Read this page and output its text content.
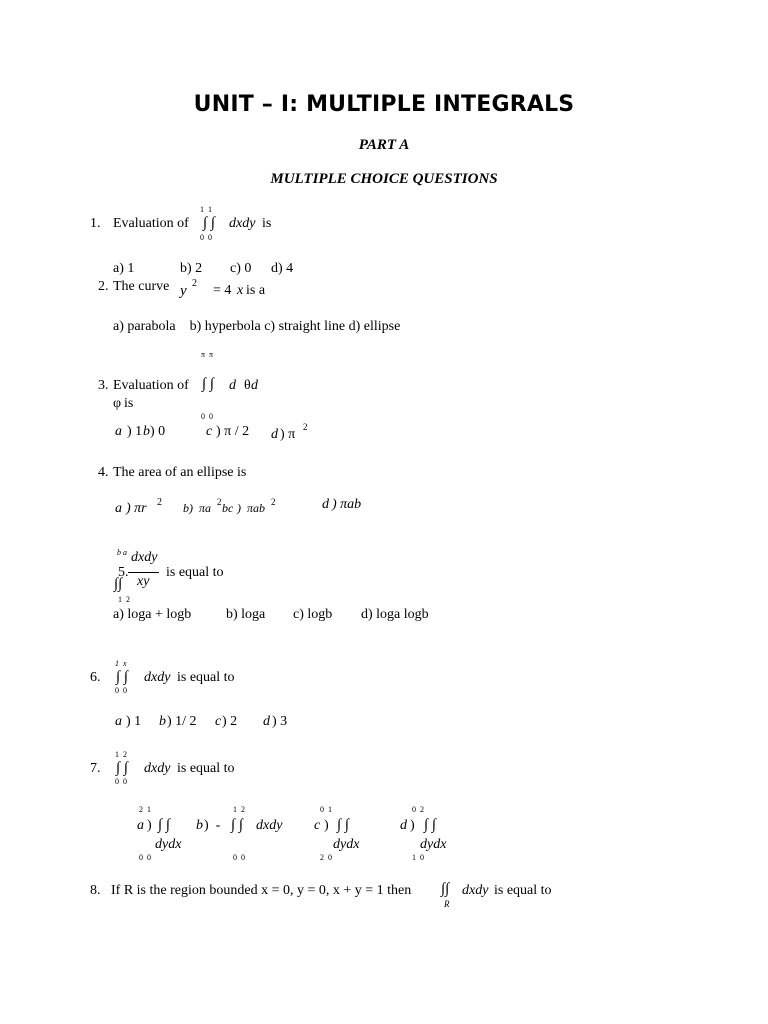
UNIT – I: MULTIPLE INTEGRALS
PART A
MULTIPLE CHOICE QUESTIONS
1. Evaluation of
1 1
∫ ∫ dxdy is
0 0
a) 1	b) 2 c) 0 d) 4
2. The curve y 2 = 4 x is a
a) parabola    b) hyperbola c) straight line d) ellipse
π π
3. Evaluation of ∫ ∫ d θ d
φ is
0 0
a ) 1 b ) 0	c ) π / 2 d ) π 2
4. The area of an ellipse is
a ) πr 2 b) πa 2 bc ) πab 2	d ) πab
b a dxdy
5.	is equal to
xy
∫∫
1 2
a) loga + logb b) loga c) logb d) loga logb
1 x
6. ∫ ∫ dxdy is equal to
0 0
a ) 1 b ) 1/ 2 c ) 2 d ) 3
1 2
7. ∫ ∫ dxdy is equal to
0 0
2 1
a ) ∫ ∫
dydx
0 0
1 2
b )  - ∫ ∫ dxdy
0 0
0 1
c ) ∫ ∫
dydx
2 0
0 2
d ) ∫ ∫
dydx
1 0
8. If R is the region bounded x = 0, y = 0, x + y = 1 then ∫∫
R
dxdy is equal to
